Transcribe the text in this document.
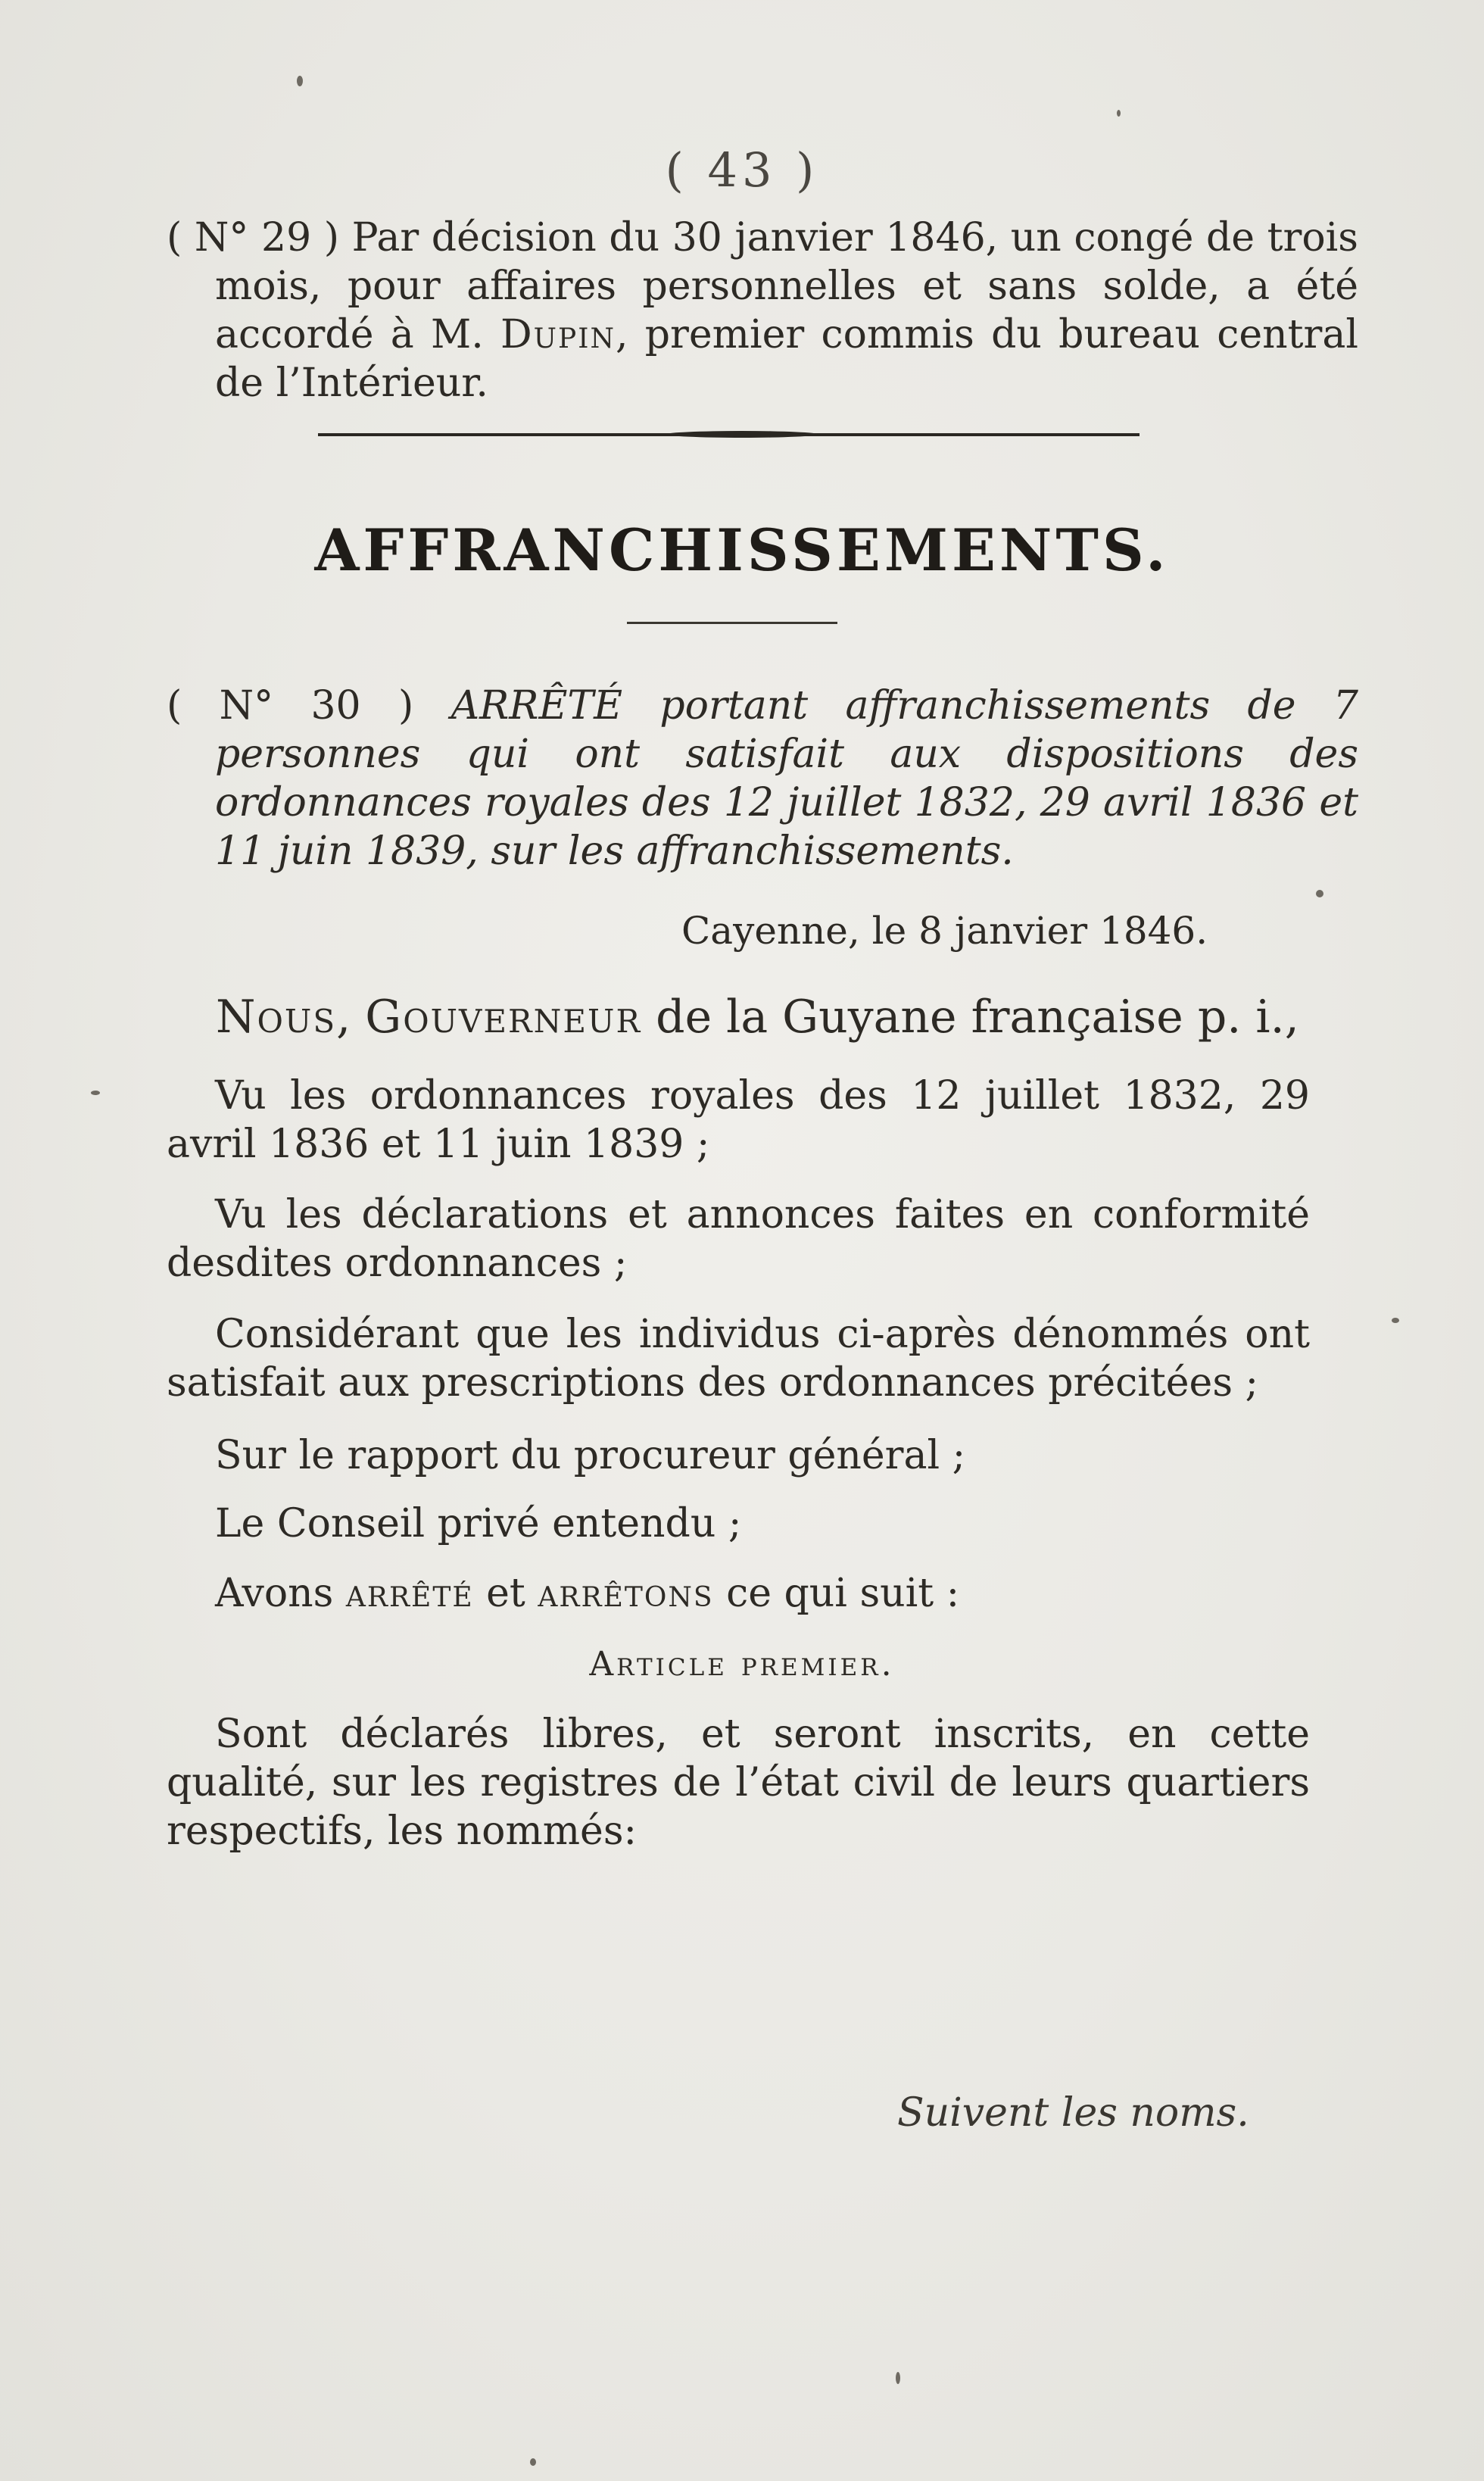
( 43 )
( N° 29 ) Par décision du 30 janvier 1846, un congé de trois mois, pour affaires personnelles et sans solde, a été accordé à M. Dupin, premier commis du bureau central de l’Intérieur.
AFFRANCHISSEMENTS.
( N° 30 ) ARRÊTÉ portant affranchissements de 7 personnes qui ont satisfait aux dispositions des ordonnances royales des 12 juillet 1832, 29 avril 1836 et 11 juin 1839, sur les affranchissements.
Cayenne, le 8 janvier 1846.
Nous, Gouverneur de la Guyane française p. i.,
Vu les ordonnances royales des 12 juillet 1832, 29 avril 1836 et 11 juin 1839 ;
Vu les déclarations et annonces faites en conformité desdites ordonnances ;
Considérant que les individus ci-après dénommés ont satisfait aux prescriptions des ordonnances précitées ;
Sur le rapport du procureur général ;
Le Conseil privé entendu ;
Avons arrêté et arrêtons ce qui suit :
Article premier.
Sont déclarés libres, et seront inscrits, en cette qualité, sur les registres de l’état civil de leurs quartiers respectifs, les nommés:
Suivent les noms.
